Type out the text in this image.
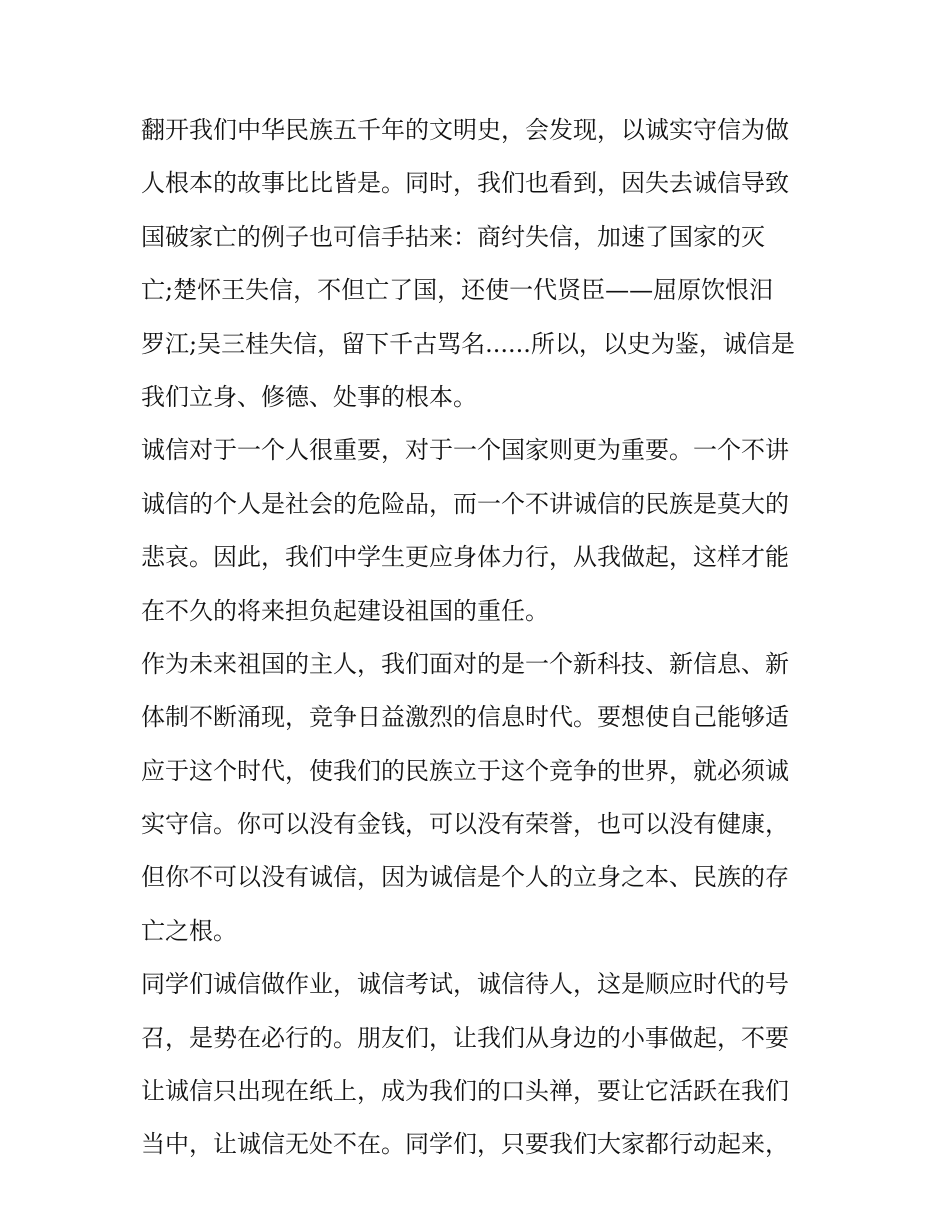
翻开我们中华民族五千年的文明史，会发现，以诚实守信为做
人根本的故事比比皆是。同时，我们也看到，因失去诚信导致
国破家亡的例子也可信手拈来：商纣失信，加速了国家的灭
亡;楚怀王失信，不但亡了国，还使一代贤臣——屈原饮恨汨
罗江;吴三桂失信，留下千古骂名......所以，以史为鉴，诚信是
我们立身、修德、处事的根本。
诚信对于一个人很重要，对于一个国家则更为重要。一个不讲
诚信的个人是社会的危险品，而一个不讲诚信的民族是莫大的
悲哀。因此，我们中学生更应身体力行，从我做起，这样才能
在不久的将来担负起建设祖国的重任。
作为未来祖国的主人，我们面对的是一个新科技、新信息、新
体制不断涌现，竞争日益激烈的信息时代。要想使自己能够适
应于这个时代，使我们的民族立于这个竞争的世界，就必须诚
实守信。你可以没有金钱，可以没有荣誉，也可以没有健康，
但你不可以没有诚信，因为诚信是个人的立身之本、民族的存
亡之根。
同学们诚信做作业，诚信考试，诚信待人，这是顺应时代的号
召，是势在必行的。朋友们，让我们从身边的小事做起，不要
让诚信只出现在纸上，成为我们的口头禅，要让它活跃在我们
当中，让诚信无处不在。同学们，只要我们大家都行动起来，
